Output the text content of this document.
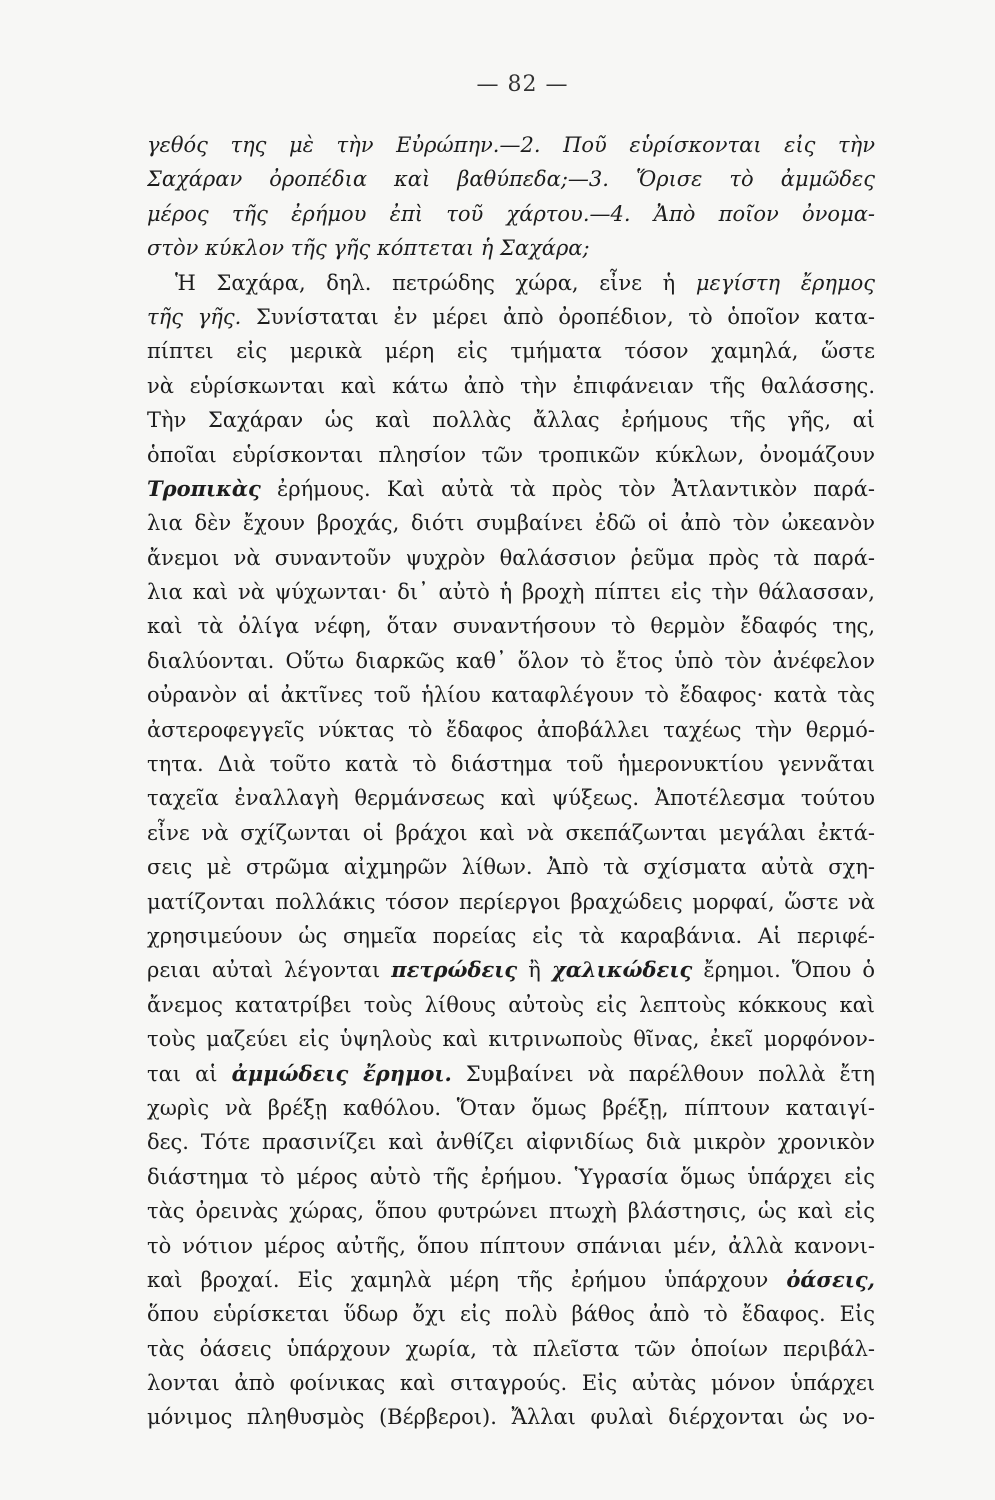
— 82 —
γεθός της μὲ τὴν Εὐρώπην.—2. Ποῦ εὑρίσκονται εἰς τὴν
Σαχάραν ὀροπέδια καὶ βαθύπεδα;—3. Ὅρισε τὸ ἀμμῶδες
μέρος τῆς ἐρήμου ἐπὶ τοῦ χάρτου.—4. Ἀπὸ ποῖον ὀνομα-
στὸν κύκλον τῆς γῆς κόπτεται ἡ Σαχάρα;
Ἡ Σαχάρα, δηλ. πετρώδης χώρα, εἶνε ἡ μεγίστη ἔρημος
τῆς γῆς. Συνίσταται ἐν μέρει ἀπὸ ὀροπέδιον, τὸ ὁποῖον κατα-
πίπτει εἰς μερικὰ μέρη εἰς τμήματα τόσον χαμηλά, ὥστε
νὰ εὑρίσκωνται καὶ κάτω ἀπὸ τὴν ἐπιφάνειαν τῆς θαλάσσης.
Τὴν Σαχάραν ὡς καὶ πολλὰς ἄλλας ἐρήμους τῆς γῆς, αἱ
ὁποῖαι εὑρίσκονται πλησίον τῶν τροπικῶν κύκλων, ὀνομάζουν
Τροπικὰς ἐρήμους. Καὶ αὐτὰ τὰ πρὸς τὸν Ἀτλαντικὸν παρά-
λια δὲν ἔχουν βροχάς, διότι συμβαίνει ἐδῶ οἱ ἀπὸ τὸν ὠκεανὸν
ἄνεμοι νὰ συναντοῦν ψυχρὸν θαλάσσιον ῥεῦμα πρὸς τὰ παρά-
λια καὶ νὰ ψύχωνται· δι᾽ αὐτὸ ἡ βροχὴ πίπτει εἰς τὴν θάλασσαν,
καὶ τὰ ὀλίγα νέφη, ὅταν συναντήσουν τὸ θερμὸν ἔδαφός της,
διαλύονται. Οὕτω διαρκῶς καθ᾽ ὅλον τὸ ἔτος ὑπὸ τὸν ἀνέφελον
οὐρανὸν αἱ ἀκτῖνες τοῦ ἡλίου καταφλέγουν τὸ ἔδαφος· κατὰ τὰς
ἀστεροφεγγεῖς νύκτας τὸ ἔδαφος ἀποβάλλει ταχέως τὴν θερμό-
τητα. Διὰ τοῦτο κατὰ τὸ διάστημα τοῦ ἡμερονυκτίου γεννᾶται
ταχεῖα ἐναλλαγὴ θερμάνσεως καὶ ψύξεως. Ἀποτέλεσμα τούτου
εἶνε νὰ σχίζωνται οἱ βράχοι καὶ νὰ σκεπάζωνται μεγάλαι ἐκτά-
σεις μὲ στρῶμα αἰχμηρῶν λίθων. Ἀπὸ τὰ σχίσματα αὐτὰ σχη-
ματίζονται πολλάκις τόσον περίεργοι βραχώδεις μορφαί, ὥστε νὰ
χρησιμεύουν ὡς σημεῖα πορείας εἰς τὰ καραβάνια. Αἱ περιφέ-
ρειαι αὐταὶ λέγονται πετρώδεις ἢ χαλικώδεις ἔρημοι. Ὅπου ὁ
ἄνεμος κατατρίβει τοὺς λίθους αὐτοὺς εἰς λεπτοὺς κόκκους καὶ
τοὺς μαζεύει εἰς ὑψηλοὺς καὶ κιτρινωποὺς θῖνας, ἐκεῖ μορφόνον-
ται αἱ ἀμμώδεις ἔρημοι. Συμβαίνει νὰ παρέλθουν πολλὰ ἔτη
χωρὶς νὰ βρέξῃ καθόλου. Ὅταν ὅμως βρέξῃ, πίπτουν καταιγί-
δες. Τότε πρασινίζει καὶ ἀνθίζει αἰφνιδίως διὰ μικρὸν χρονικὸν
διάστημα τὸ μέρος αὐτὸ τῆς ἐρήμου. Ὑγρασία ὅμως ὑπάρχει εἰς
τὰς ὀρεινὰς χώρας, ὅπου φυτρώνει πτωχὴ βλάστησις, ὡς καὶ εἰς
τὸ νότιον μέρος αὐτῆς, ὅπου πίπτουν σπάνιαι μέν, ἀλλὰ κανονι-
καὶ βροχαί. Εἰς χαμηλὰ μέρη τῆς ἐρήμου ὑπάρχουν ὀάσεις,
ὅπου εὑρίσκεται ὕδωρ ὄχι εἰς πολὺ βάθος ἀπὸ τὸ ἔδαφος. Εἰς
τὰς ὀάσεις ὑπάρχουν χωρία, τὰ πλεῖστα τῶν ὁποίων περιβάλ-
λονται ἀπὸ φοίνικας καὶ σιταγρούς. Εἰς αὐτὰς μόνον ὑπάρχει
μόνιμος πληθυσμὸς (Βέρβεροι). Ἄλλαι φυλαὶ διέρχονται ὡς νο-
